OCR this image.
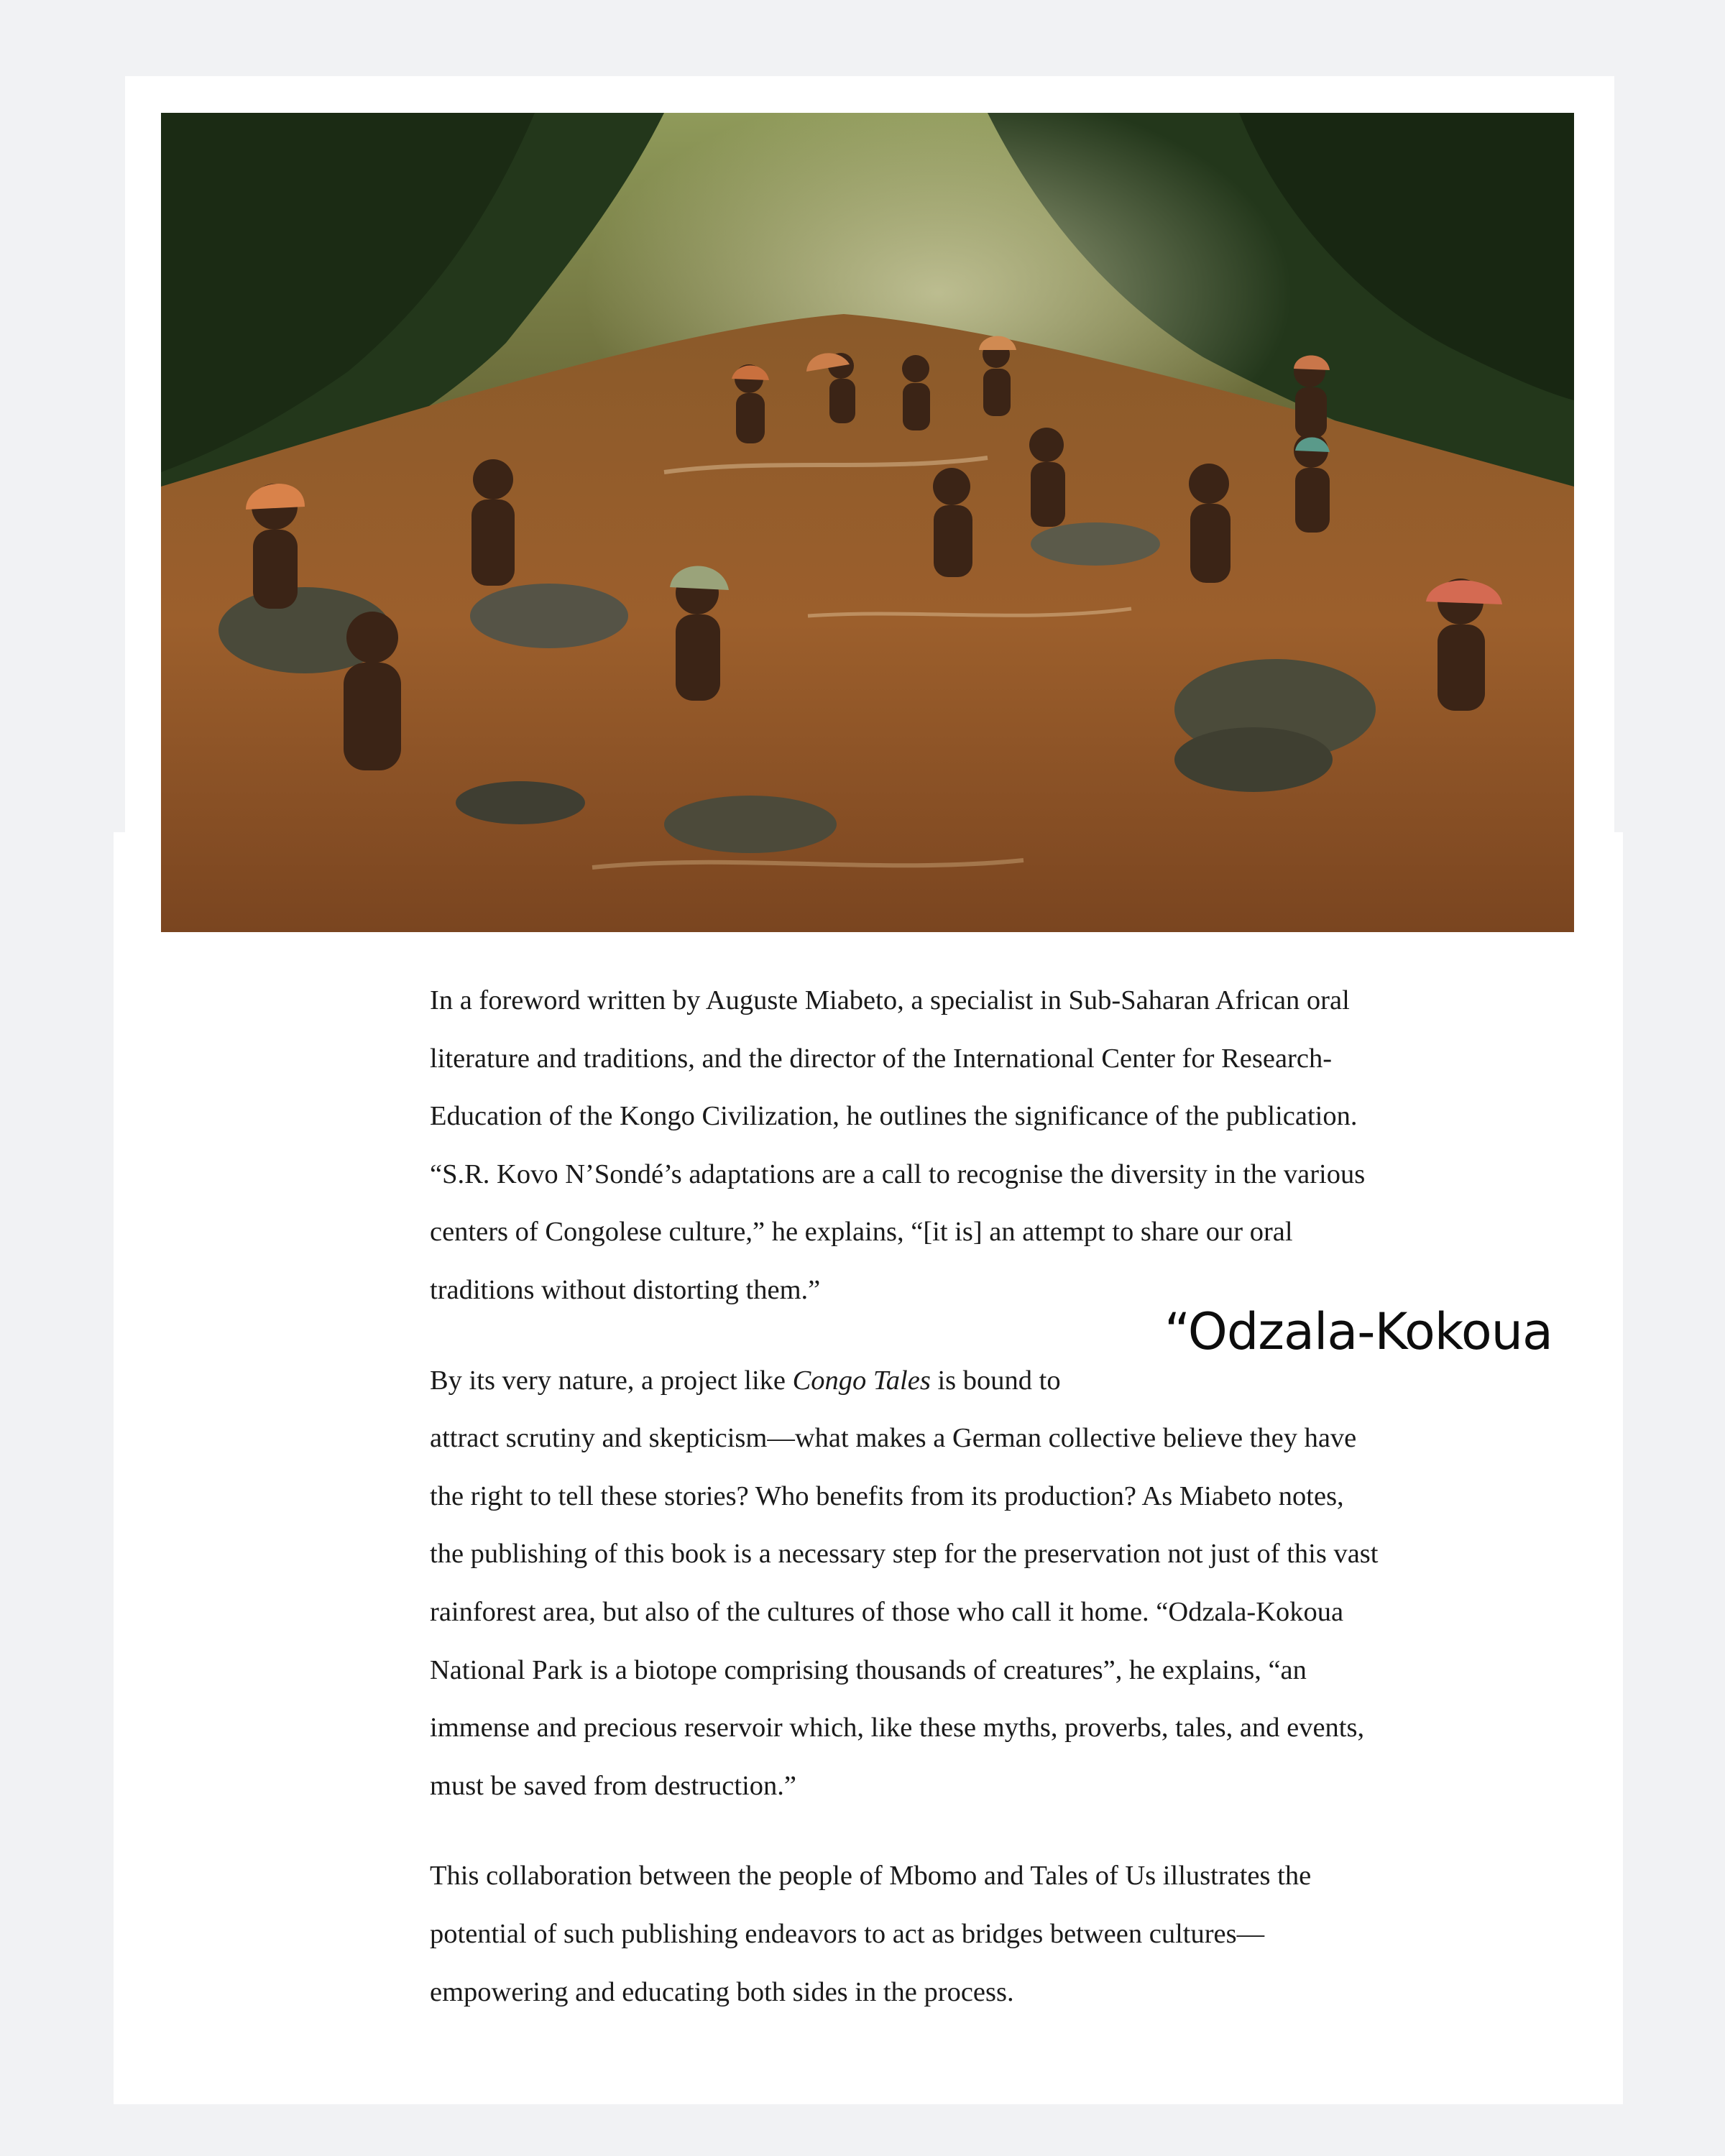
In a foreword written by Auguste Miabeto, a specialist in Sub-Saharan African oral literature and traditions, and the director of the International Center for Research-Education of the Kongo Civilization, he outlines the significance of the publication. “S.R. Kovo N’Sondé’s adaptations are a call to recognise the diversity in the various centers of Congolese culture,” he explains, “[it is] an attempt to share our oral traditions without distorting them.”

By its very nature, a project like Congo Tales is bound to
attract scrutiny and skepticism—what makes a German collective believe they have the right to tell these stories? Who benefits from its production? As Miabeto notes, the publishing of this book is a necessary step for the preservation not just of this vast rainforest area, but also of the cultures of those who call it home. “Odzala-Kokoua National Park is a biotope comprising thousands of creatures”, he explains, “an immense and precious reservoir which, like these myths, proverbs, tales, and events, must be saved from destruction.”

This collaboration between the people of Mbomo and Tales of Us illustrates the potential of such publishing endeavors to act as bridges between cultures—empowering and educating both sides in the process.

“Odzala-Kokoua
